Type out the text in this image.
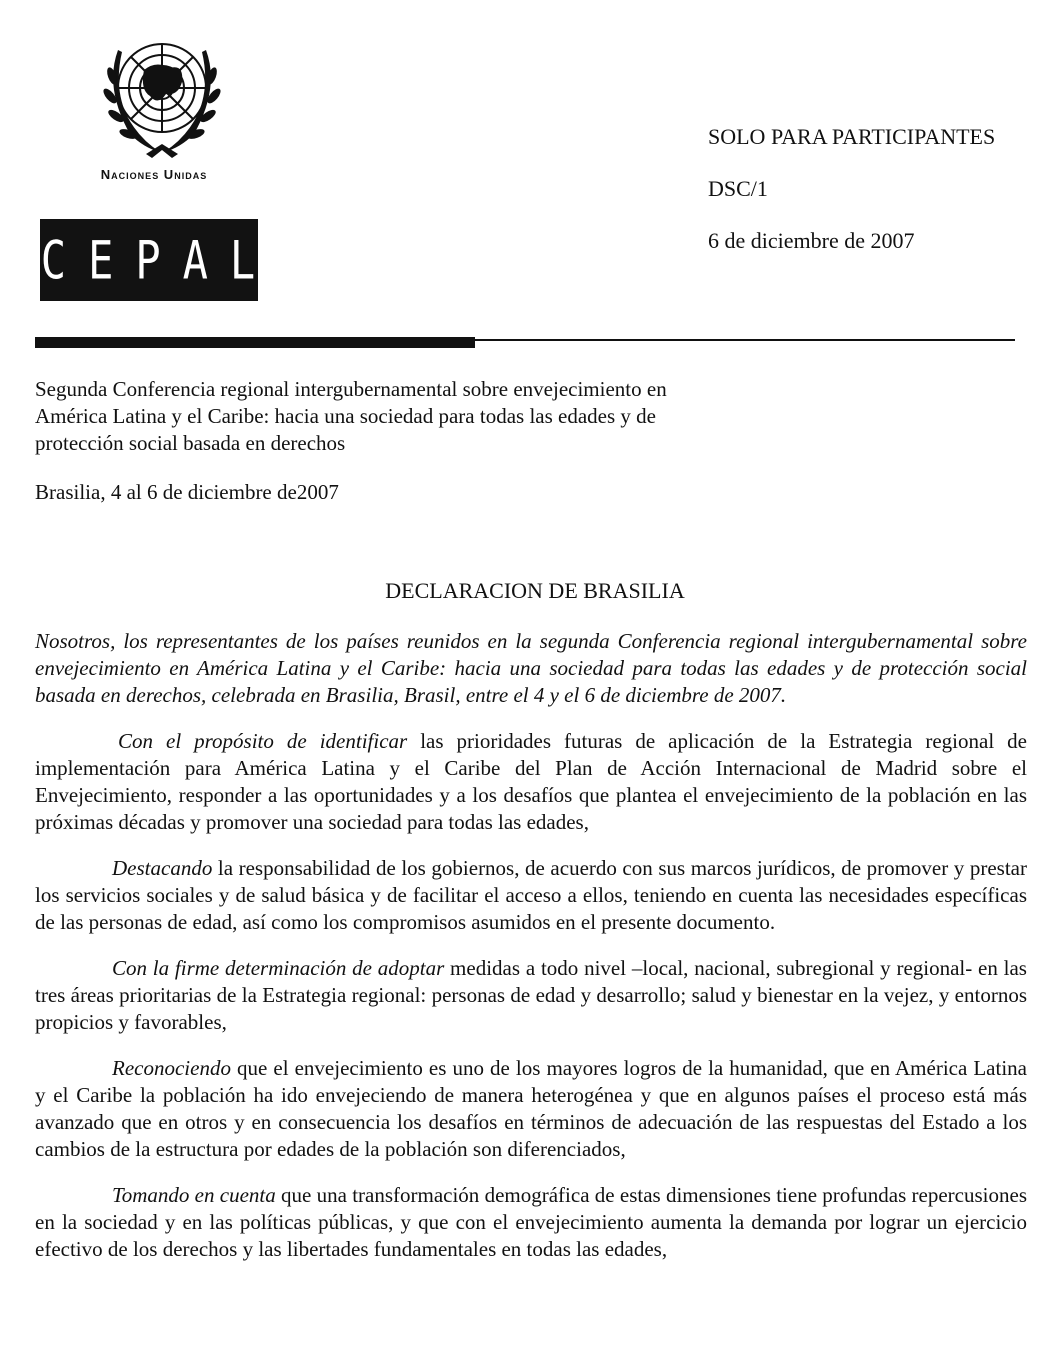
Naciones Unidas
CEPAL
SOLO PARA PARTICIPANTES
DSC/1
6 de diciembre de 2007
Segunda Conferencia regional intergubernamental sobre envejecimiento en América Latina y el Caribe: hacia una sociedad para todas las edades y de protección social basada en derechos
Brasilia, 4 al 6 de diciembre de2007
DECLARACION DE BRASILIA

Nosotros, los representantes de los países reunidos en la segunda Conferencia regional intergubernamental sobre envejecimiento en América Latina y el Caribe: hacia una sociedad para todas las edades y de protección social basada en derechos, celebrada en Brasilia, Brasil, entre el 4 y el 6 de diciembre de 2007.

Con el propósito de identificar las prioridades futuras de aplicación de la Estrategia regional de implementación para América Latina y el Caribe del Plan de Acción Internacional de Madrid sobre el Envejecimiento, responder a las oportunidades y a los desafíos que plantea el envejecimiento de la población en las próximas décadas y promover una sociedad para todas las edades,

Destacando la responsabilidad de los gobiernos, de acuerdo con sus marcos jurídicos, de promover y prestar los servicios sociales y de salud básica y de facilitar el acceso a ellos, teniendo en cuenta las necesidades específicas de las personas de edad, así como los compromisos asumidos en el presente documento.

Con la firme determinación de adoptar medidas a todo nivel –local, nacional, subregional y regional- en las tres áreas prioritarias de la Estrategia regional: personas de edad y desarrollo; salud y bienestar en la vejez, y entornos propicios y favorables,

Reconociendo que el envejecimiento es uno de los mayores logros de la humanidad, que en América Latina y el Caribe la población ha ido envejeciendo de manera heterogénea y que en algunos países el proceso está más avanzado que en otros y en consecuencia los desafíos en términos de adecuación de las respuestas del Estado a los cambios de la estructura por edades de la población son diferenciados,

Tomando en cuenta que una transformación demográfica de estas dimensiones tiene profundas repercusiones en la sociedad y en las políticas públicas, y que con el envejecimiento aumenta la demanda por lograr un ejercicio efectivo de los derechos y las libertades fundamentales en todas las edades,
